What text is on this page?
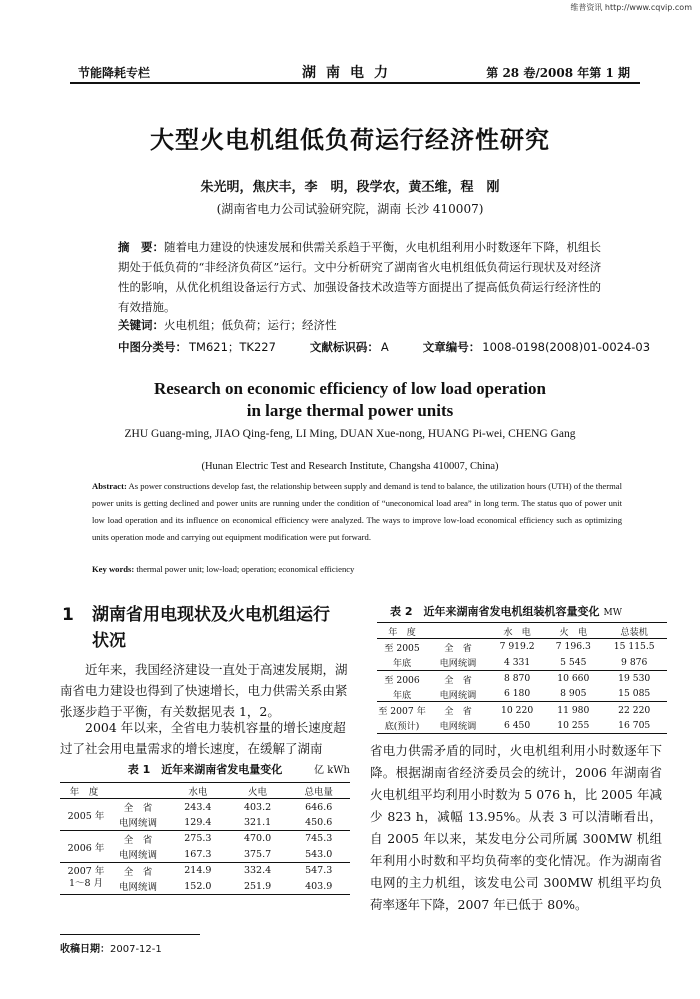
维普资讯 http://www.cqvip.com
节能降耗专栏	湖南电力	第 28 卷/2008 年第 1 期
大型火电机组低负荷运行经济性研究
朱光明，焦庆丰，李　明，段学农，黄丕维，程　刚
(湖南省电力公司试验研究院，湖南 长沙 410007)
摘　要：随着电力建设的快速发展和供需关系趋于平衡，火电机组利用小时数逐年下降，机组长期处于低负荷的“非经济负荷区”运行。文中分析研究了湖南省火电机组低负荷运行现状及对经济性的影响，从优化机组设备运行方式、加强设备技术改造等方面提出了提高低负荷运行经济性的有效措施。
关键词：火电机组；低负荷；运行；经济性
中图分类号： TM621；TK227	文献标识码： A	文章编号： 1008-0198(2008)01-0024-03
Research on economic efficiency of low load operation
in large thermal power units
ZHU Guang-ming, JIAO Qing-feng, LI Ming, DUAN Xue-nong, HUANG Pi-wei, CHENG Gang
(Hunan Electric Test and Research Institute, Changsha 410007, China)
Abstract: As power constructions develop fast, the relationship between supply and demand is tend to balance, the utilization hours (UTH) of the thermal power units is getting declined and power units are running under the condition of “uneconomical load area” in long term. The status quo of power unit low load operation and its influence on economical efficiency were analyzed. The ways to improve low-load economical efficiency such as optimizing units operation mode and carrying out equipment modification were put forward.
Key words: thermal power unit; low-load; operation; economical efficiency
1 湖南省用电现状及火电机组运行
状况
近年来，我国经济建设一直处于高速发展期，湖南省电力建设也得到了快速增长，电力供需关系由紧张逐步趋于平衡，有关数据见表 1，2。
2004 年以来，全省电力装机容量的增长速度超过了社会用电量需求的增长速度，在缓解了湖南
表 1　近年来湖南省发电量变化	亿 kWh
年　度		水电	火电	总电量
2005 年	全　省	243.4	403.2	646.6
	电网统调	129.4	321.1	450.6
2006 年	全　省	275.3	470.0	745.3
	电网统调	167.3	375.7	543.0
2007 年
1～8 月	全　省	214.9	332.4	547.3
	电网统调	152.0	251.9	403.9
表 2　近年来湖南省发电机组装机容量变化 MW
年　度		水　电	火　电	总装机
至 2005	全　省	7 919.2	7 196.3	15 115.5
年底	电网统调	4 331	5 545	9 876
至 2006	全　省	8 870	10 660	19 530
年底	电网统调	6 180	8 905	15 085
至 2007 年	全　省	10 220	11 980	22 220
底(预计)	电网统调	6 450	10 255	16 705
省电力供需矛盾的同时，火电机组利用小时数逐年下降。根据湖南省经济委员会的统计，2006 年湖南省火电机组平均利用小时数为 5 076 h，比 2005 年减少 823 h，减幅 13.95%。从表 3 可以清晰看出，自 2005 年以来，某发电分公司所属 300MW 机组年利用小时数和平均负荷率的变化情况。作为湖南省电网的主力机组，该发电公司 300MW 机组平均负荷率逐年下降，2007 年已低于 80%。
收稿日期：2007-12-1
